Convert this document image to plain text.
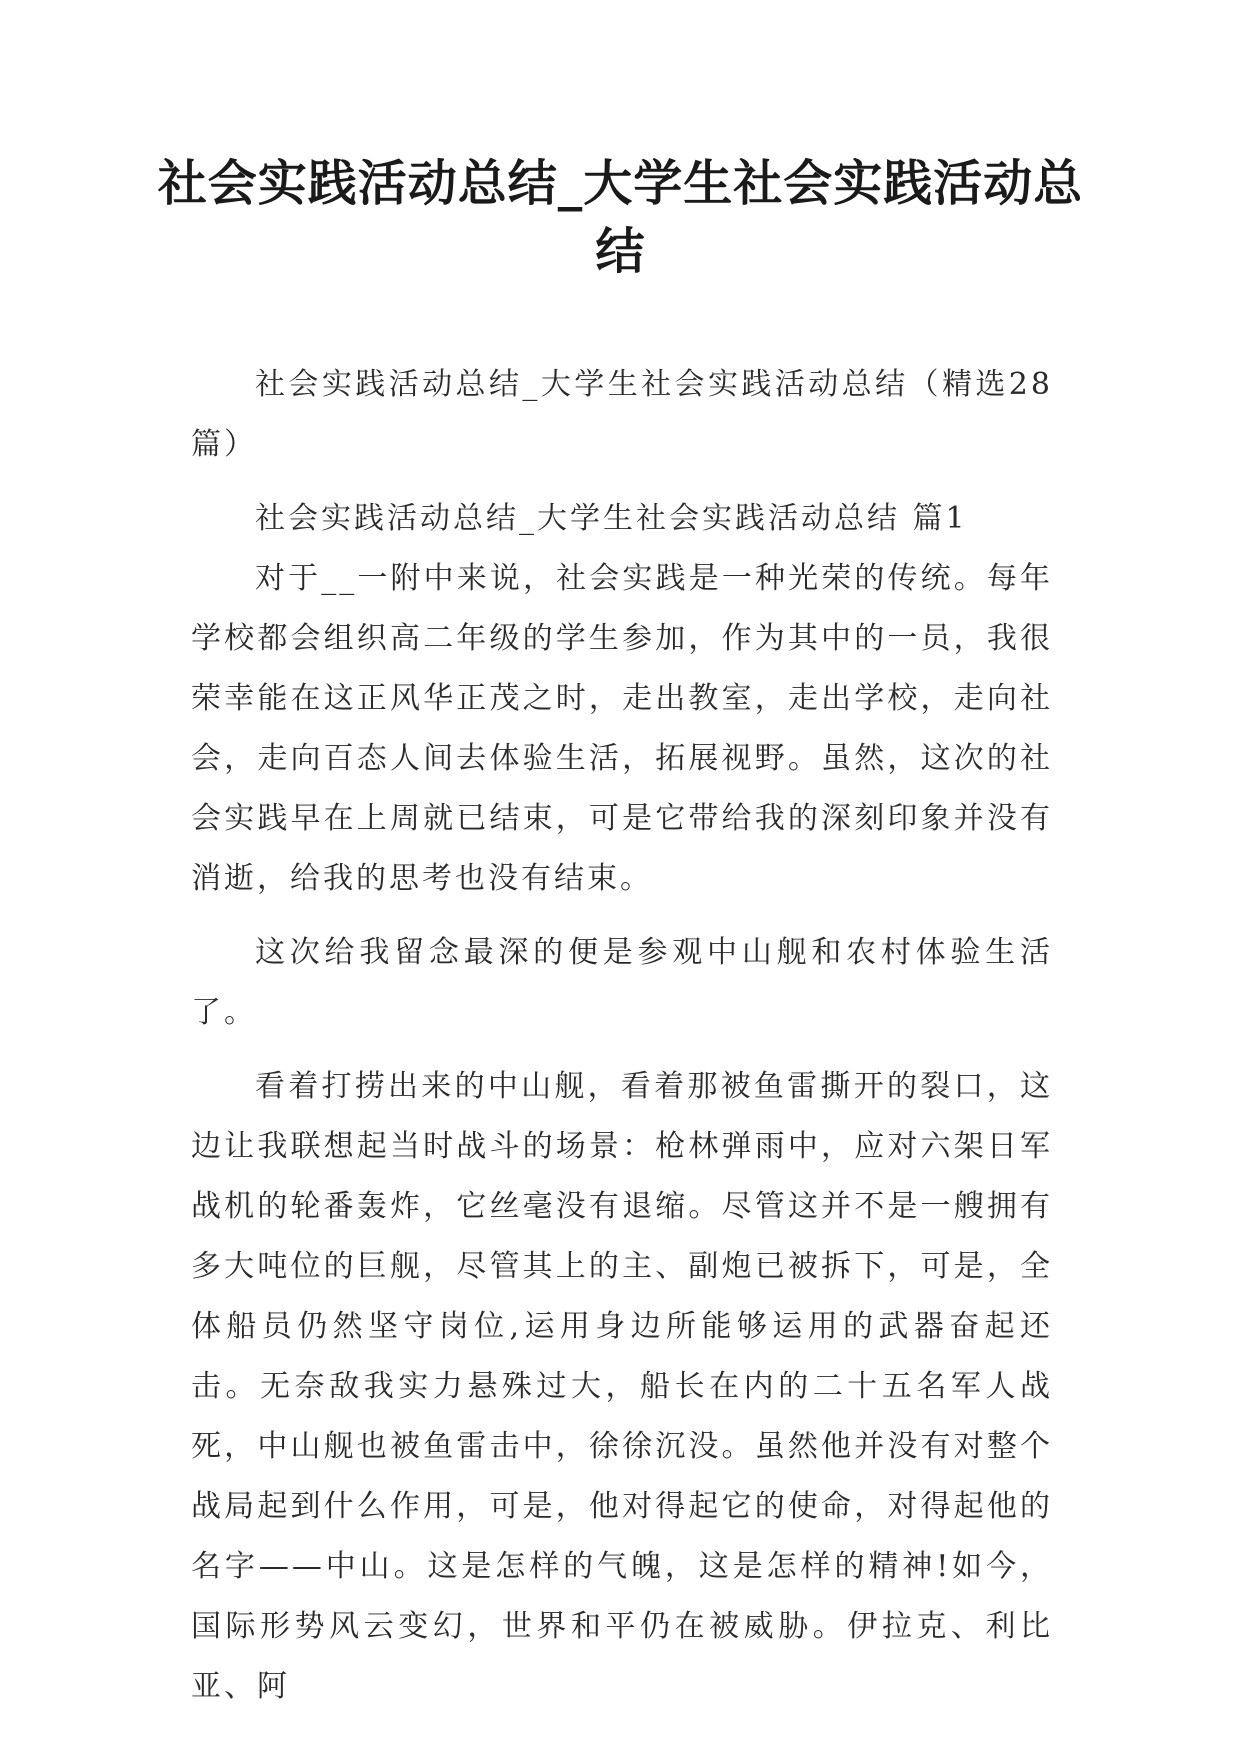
社会实践活动总结_大学生社会实践活动总结

社会实践活动总结_大学生社会实践活动总结（精选28篇）

社会实践活动总结_大学生社会实践活动总结 篇1

对于__一附中来说，社会实践是一种光荣的传统。每年学校都会组织高二年级的学生参加，作为其中的一员，我很荣幸能在这正风华正茂之时，走出教室，走出学校，走向社会，走向百态人间去体验生活，拓展视野。虽然，这次的社会实践早在上周就已结束，可是它带给我的深刻印象并没有消逝，给我的思考也没有结束。

这次给我留念最深的便是参观中山舰和农村体验生活了。

看着打捞出来的中山舰，看着那被鱼雷撕开的裂口，这边让我联想起当时战斗的场景：枪林弹雨中，应对六架日军战机的轮番轰炸，它丝毫没有退缩。尽管这并不是一艘拥有多大吨位的巨舰，尽管其上的主、副炮已被拆下，可是，全体船员仍然坚守岗位,运用身边所能够运用的武器奋起还击。无奈敌我实力悬殊过大，船长在内的二十五名军人战死，中山舰也被鱼雷击中，徐徐沉没。虽然他并没有对整个战局起到什么作用，可是，他对得起它的使命，对得起他的名字——中山。这是怎样的气魄，这是怎样的精神!如今，国际形势风云变幻，世界和平仍在被威胁。伊拉克、利比亚、阿
